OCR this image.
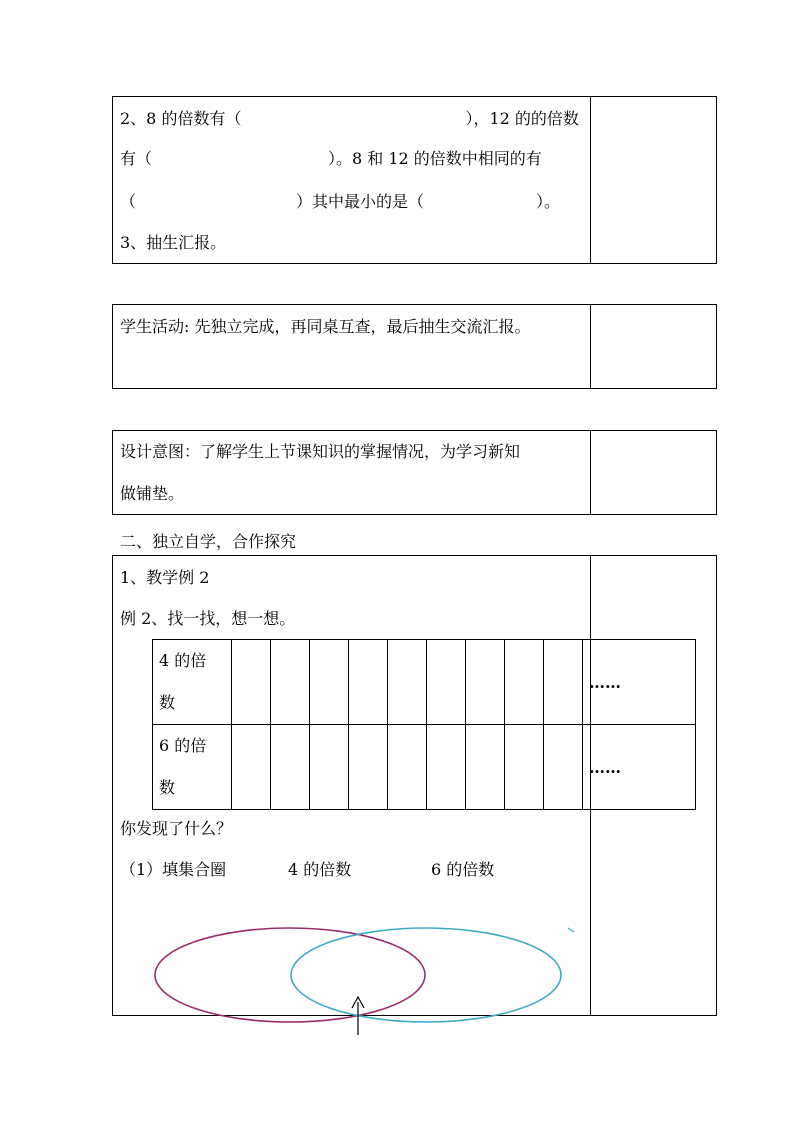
2、8 的倍数有（　　　　　　　　　　　　　　），12 的的倍数
有（　　　　　　　　　　　）。8 和 12 的倍数中相同的有
（　　　　　　　　　　）其中最小的是（　　　　　　　）。
3、抽生汇报。
学生活动: 先独立完成，再同桌互查，最后抽生交流汇报。
设计意图：了解学生上节课知识的掌握情况，为学习新知
做铺垫。
二、独立自学，合作探究
1、教学例 2
例 2、找一找，想一想。
4 的倍
数										……
6 的倍
数										……
你发现了什么？
（1）填集合圈	4 的倍数	6 的倍数
